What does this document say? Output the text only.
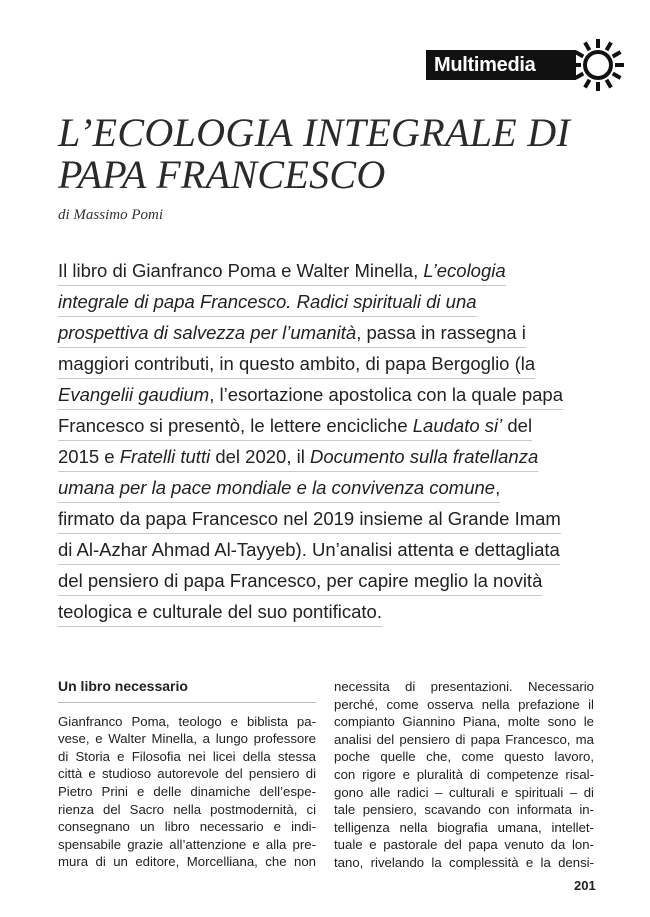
Multimedia
L’ECOLOGIA INTEGRALE DI
PAPA FRANCESCO
di Massimo Pomi
Il libro di Gianfranco Poma e Walter Minella, L’ecologia
integrale di papa Francesco. Radici spirituali di una
prospettiva di salvezza per l’umanità, passa in rassegna i
maggiori contributi, in questo ambito, di papa Bergoglio (la
Evangelii gaudium, l’esortazione apostolica con la quale papa
Francesco si presentò, le lettere encicliche Laudato si’ del
2015 e Fratelli tutti del 2020, il Documento sulla fratellanza
umana per la pace mondiale e la convivenza comune,
firmato da papa Francesco nel 2019 insieme al Grande Imam
di Al-Azhar Ahmad Al-Tayyeb). Un’analisi attenta e dettagliata
del pensiero di papa Francesco, per capire meglio la novità
teologica e culturale del suo pontificato.
Un libro necessario

Gianfranco Poma, teologo e biblista pa-
vese, e Walter Minella, a lungo professore
di Storia e Filosofia nei licei della stessa
città e studioso autorevole del pensiero di
Pietro Prini e delle dinamiche dell’espe-
rienza del Sacro nella postmodernità, ci
consegnano un libro necessario e indi-
spensabile grazie all’attenzione e alla pre-
mura di un editore, Morcelliana, che non

necessita di presentazioni. Necessario
perché, come osserva nella prefazione il
compianto Giannino Piana, molte sono le
analisi del pensiero di papa Francesco, ma
poche quelle che, come questo lavoro,
con rigore e pluralità di competenze risal-
gono alle radici – culturali e spirituali – di
tale pensiero, scavando con informata in-
telligenza nella biografia umana, intellet-
tuale e pastorale del papa venuto da lon-
tano, rivelando la complessità e la densi-

201
